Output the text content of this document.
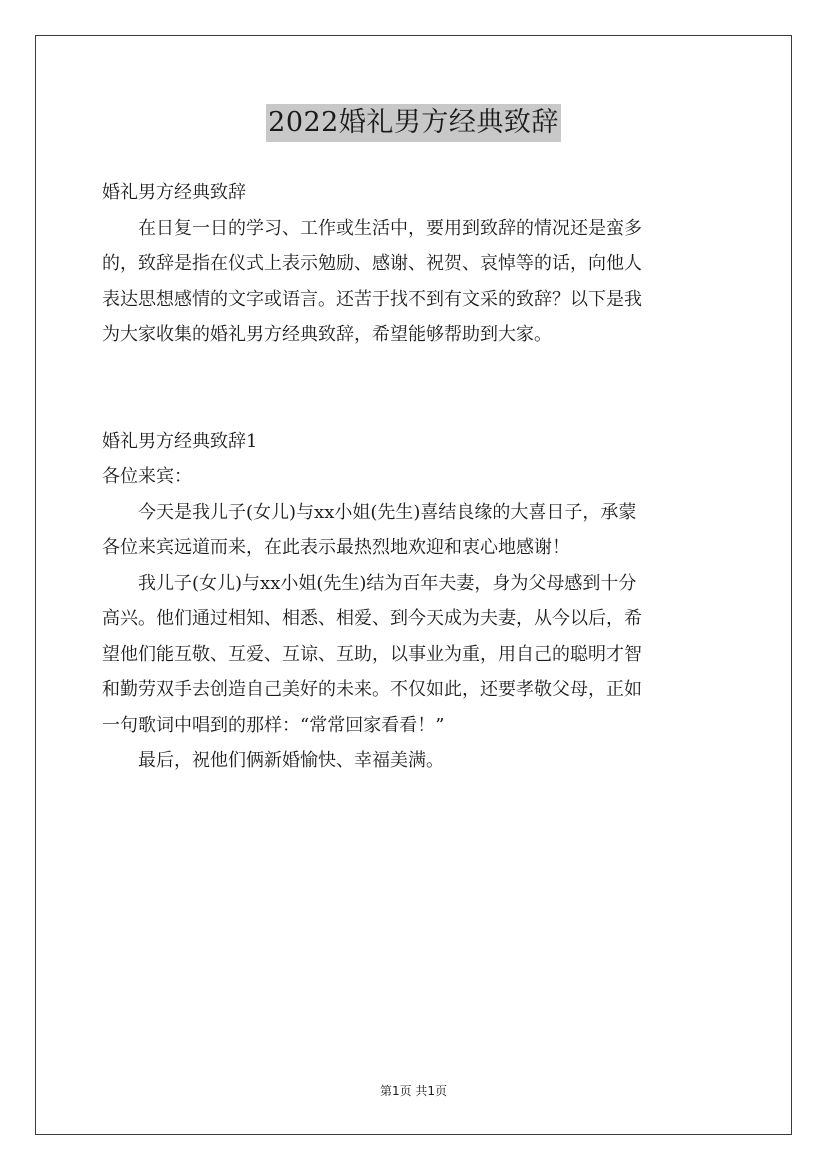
2022婚礼男方经典致辞

婚礼男方经典致辞

在日复一日的学习、工作或生活中，要用到致辞的情况还是蛮多

的，致辞是指在仪式上表示勉励、感谢、祝贺、哀悼等的话，向他人

表达思想感情的文字或语言。还苦于找不到有文采的致辞？以下是我

为大家收集的婚礼男方经典致辞，希望能够帮助到大家。

婚礼男方经典致辞1

各位来宾：

今天是我儿子(女儿)与xx小姐(先生)喜结良缘的大喜日子，承蒙

各位来宾远道而来，在此表示最热烈地欢迎和衷心地感谢！

我儿子(女儿)与xx小姐(先生)结为百年夫妻，身为父母感到十分

高兴。他们通过相知、相悉、相爱、到今天成为夫妻，从今以后，希

望他们能互敬、互爱、互谅、互助，以事业为重，用自己的聪明才智

和勤劳双手去创造自己美好的未来。不仅如此，还要孝敬父母，正如

一句歌词中唱到的那样：“常常回家看看！”

最后，祝他们俩新婚愉快、幸福美满。

第1页 共1页
